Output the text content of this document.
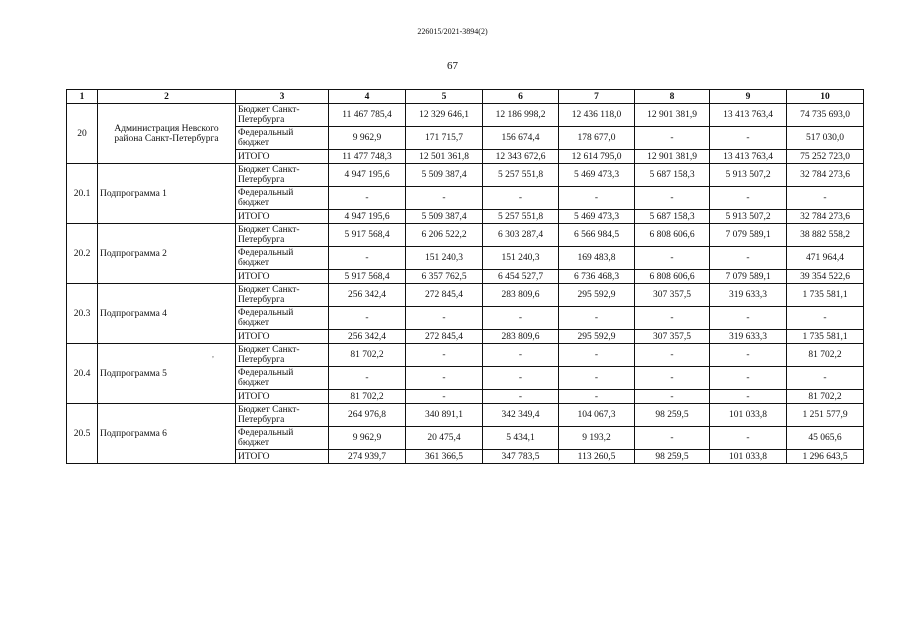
226015/2021-3894(2)
67
1	2	3	4	5	6	7	8	9	10
20	Администрация Невского района Санкт-Петербурга	Бюджет Санкт-Петербурга	11 467 785,4	12 329 646,1	12 186 998,2	12 436 118,0	12 901 381,9	13 413 763,4	74 735 693,0
		Федеральный бюджет	9 962,9	171 715,7	156 674,4	178 677,0	-	-	517 030,0
		ИТОГО	11 477 748,3	12 501 361,8	12 343 672,6	12 614 795,0	12 901 381,9	13 413 763,4	75 252 723,0
20.1	Подпрограмма 1	Бюджет Санкт-Петербурга	4 947 195,6	5 509 387,4	5 257 551,8	5 469 473,3	5 687 158,3	5 913 507,2	32 784 273,6
		Федеральный бюджет	-	-	-	-	-	-	-
		ИТОГО	4 947 195,6	5 509 387,4	5 257 551,8	5 469 473,3	5 687 158,3	5 913 507,2	32 784 273,6
20.2	Подпрограмма 2	Бюджет Санкт-Петербурга	5 917 568,4	6 206 522,2	6 303 287,4	6 566 984,5	6 808 606,6	7 079 589,1	38 882 558,2
		Федеральный бюджет	-	151 240,3	151 240,3	169 483,8	-	-	471 964,4
		ИТОГО	5 917 568,4	6 357 762,5	6 454 527,7	6 736 468,3	6 808 606,6	7 079 589,1	39 354 522,6
20.3	Подпрограмма 4	Бюджет Санкт-Петербурга	256 342,4	272 845,4	283 809,6	295 592,9	307 357,5	319 633,3	1 735 581,1
		Федеральный бюджет	-	-	-	-	-	-	-
		ИТОГО	256 342,4	272 845,4	283 809,6	295 592,9	307 357,5	319 633,3	1 735 581,1
20.4	Подпрограмма 5	Бюджет Санкт-Петербурга	81 702,2	-	-	-	-	-	81 702,2
		Федеральный бюджет	-	-	-	-	-	-	-
		ИТОГО	81 702,2	-	-	-	-	-	81 702,2
20.5	Подпрограмма 6	Бюджет Санкт-Петербурга	264 976,8	340 891,1	342 349,4	104 067,3	98 259,5	101 033,8	1 251 577,9
		Федеральный бюджет	9 962,9	20 475,4	5 434,1	9 193,2	-	-	45 065,6
		ИТОГО	274 939,7	361 366,5	347 783,5	113 260,5	98 259,5	101 033,8	1 296 643,5
,
